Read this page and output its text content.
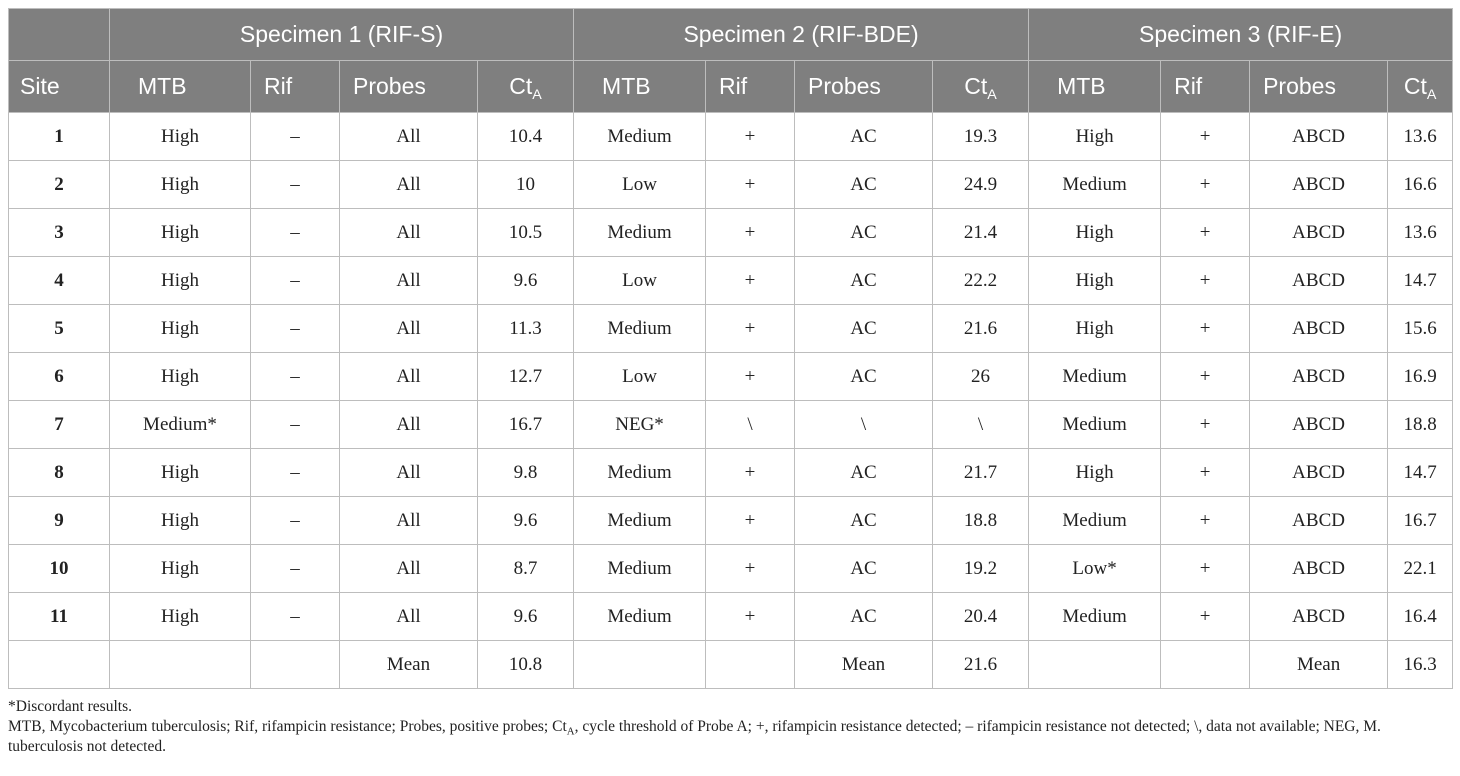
	Specimen 1 (RIF-S)				Specimen 2 (RIF-BDE)				Specimen 3 (RIF-E)			
Site	MTB	Rif	Probes	$Ct_A$	MTB	Rif	Probes	$Ct_A$	MTB	Rif	Probes	$Ct_A$
1	High	–	All	10.4	Medium	+	AC	19.3	High	+	ABCD	13.6
2	High	–	All	10	Low	+	AC	24.9	Medium	+	ABCD	16.6
3	High	–	All	10.5	Medium	+	AC	21.4	High	+	ABCD	13.6
4	High	–	All	9.6	Low	+	AC	22.2	High	+	ABCD	14.7
5	High	–	All	11.3	Medium	+	AC	21.6	High	+	ABCD	15.6
6	High	–	All	12.7	Low	+	AC	26	Medium	+	ABCD	16.9
7	Medium*	–	All	16.7	NEG*	\	\	\	Medium	+	ABCD	18.8
8	High	–	All	9.8	Medium	+	AC	21.7	High	+	ABCD	14.7
9	High	–	All	9.6	Medium	+	AC	18.8	Medium	+	ABCD	16.7
10	High	–	All	8.7	Medium	+	AC	19.2	Low*	+	ABCD	22.1
11	High	–	All	9.6	Medium	+	AC	20.4	Medium	+	ABCD	16.4
			Mean	10.8			Mean	21.6			Mean	16.3

*Discordant results.

MTB, Mycobacterium tuberculosis; Rif, rifampicin resistance; Probes, positive probes; $Ct_A$, cycle threshold of Probe A; +, rifampicin resistance detected; – rifampicin resistance not detected; \, data not available; NEG, M. tuberculosis not detected.
